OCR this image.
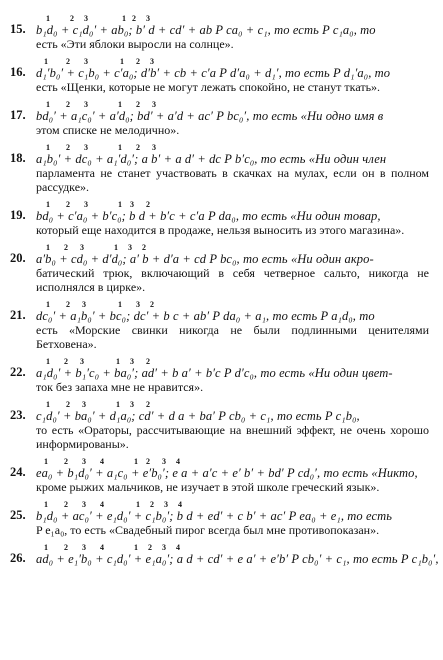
15.
1          2     3                 1   2     3
b₁d₀ + c₁d₀′ + ab₀; b′ d + cd′ + ab P ca₀ + c₁, то есть P c₁a₀, то
есть «Эти яблоки выросли на солнце».
16.
1         2       3                1      2     3
d₁′b₀′ + c₁b₀ + c′a₀; d′b′ + cb + c′a P d′a₀ + d₁′, то есть P d₁′a₀, то
есть «Щенки, которые не могут лежать спокойно, не станут ткать».
17.
1        2       3               1       2      3
bd₀′ + a₁c₀′ + a′d₀; bd′ + a′d + ac′ P bc₀′, то есть «Ни одно имя в
этом списке не мелодично».
18.
1        2       3               1       2      3
a₁b₀′ + dc₀ + a₁′d₀′; a b′ + a d′ + dc P b′c₀, то есть «Ни один член
парламента не станет участвовать в скачках на мулах, если он в полном рассудке».
19.
1        2       3               1    3      2
bd₀ + c′a₀ + b′c₀; b d + b′c + c′a P da₀, то есть «Ни один товар,
который еще находится в продаже, нельзя выносить из этого магазина».
20.
1       2      3               1     3     2
a′b₀ + cd₀ + d′d₀; a′ b + d′a + cd P bc₀, то есть «Ни один акро-
батический трюк, включающий в себя четверное сальто, никогда не исполнялся в цирке».
21.
1        2      3                1       3     2
dc₀′ + a₁b₀′ + bc₀; dc′ + b c + ab′ P da₀ + a₁, то есть P a₁d₀, то
есть «Морские свинки никогда не были подлинными ценителями Бетховена».
22.
1       2      3                1     3      2
a₁d₀′ + b₁′c₀ + ba₀′; ad′ + b a′ + b′c P d′c₀, то есть «Ни один цвет-
ток без запаха мне не нравится».
23.
1        2      3               1     3      2
c₁d₀′ + ba₀′ + d₁a₀; cd′ + d a + ba′ P cb₀ + c₁, то есть P c₁b₀,
то есть «Ораторы, рассчитывающие на внешний эффект, не очень хорошо информированы».
24.
1        2       3       4               1    2      3     4
ea₀ + b₁d₀′ + a₁c₀ + e′b₀′; e a + a′c + e′ b′ + bd′ P cd₀′, то есть «Никто,
кроме рыжих мальчиков, не изучает в этой школе греческий язык».
25.
1        2       3       4                1     2     3     4
b₁d₀ + ac₀′ + e₁d₀′ + c₁b₀′; b d + ed′ + c b′ + ac′ P ea₀ + e₁, то есть
P e₁a₀, то есть «Свадебный пирог всегда был мне противопоказан».
26.
1        2       3       4               1     2     3     4
ad₀ + e₁′b₀ + c₁d₀′ + e₁a₀′; a d + cd′ + e a′ + e′b′ P cb₀′ + c₁, то есть P c₁b₀′,
